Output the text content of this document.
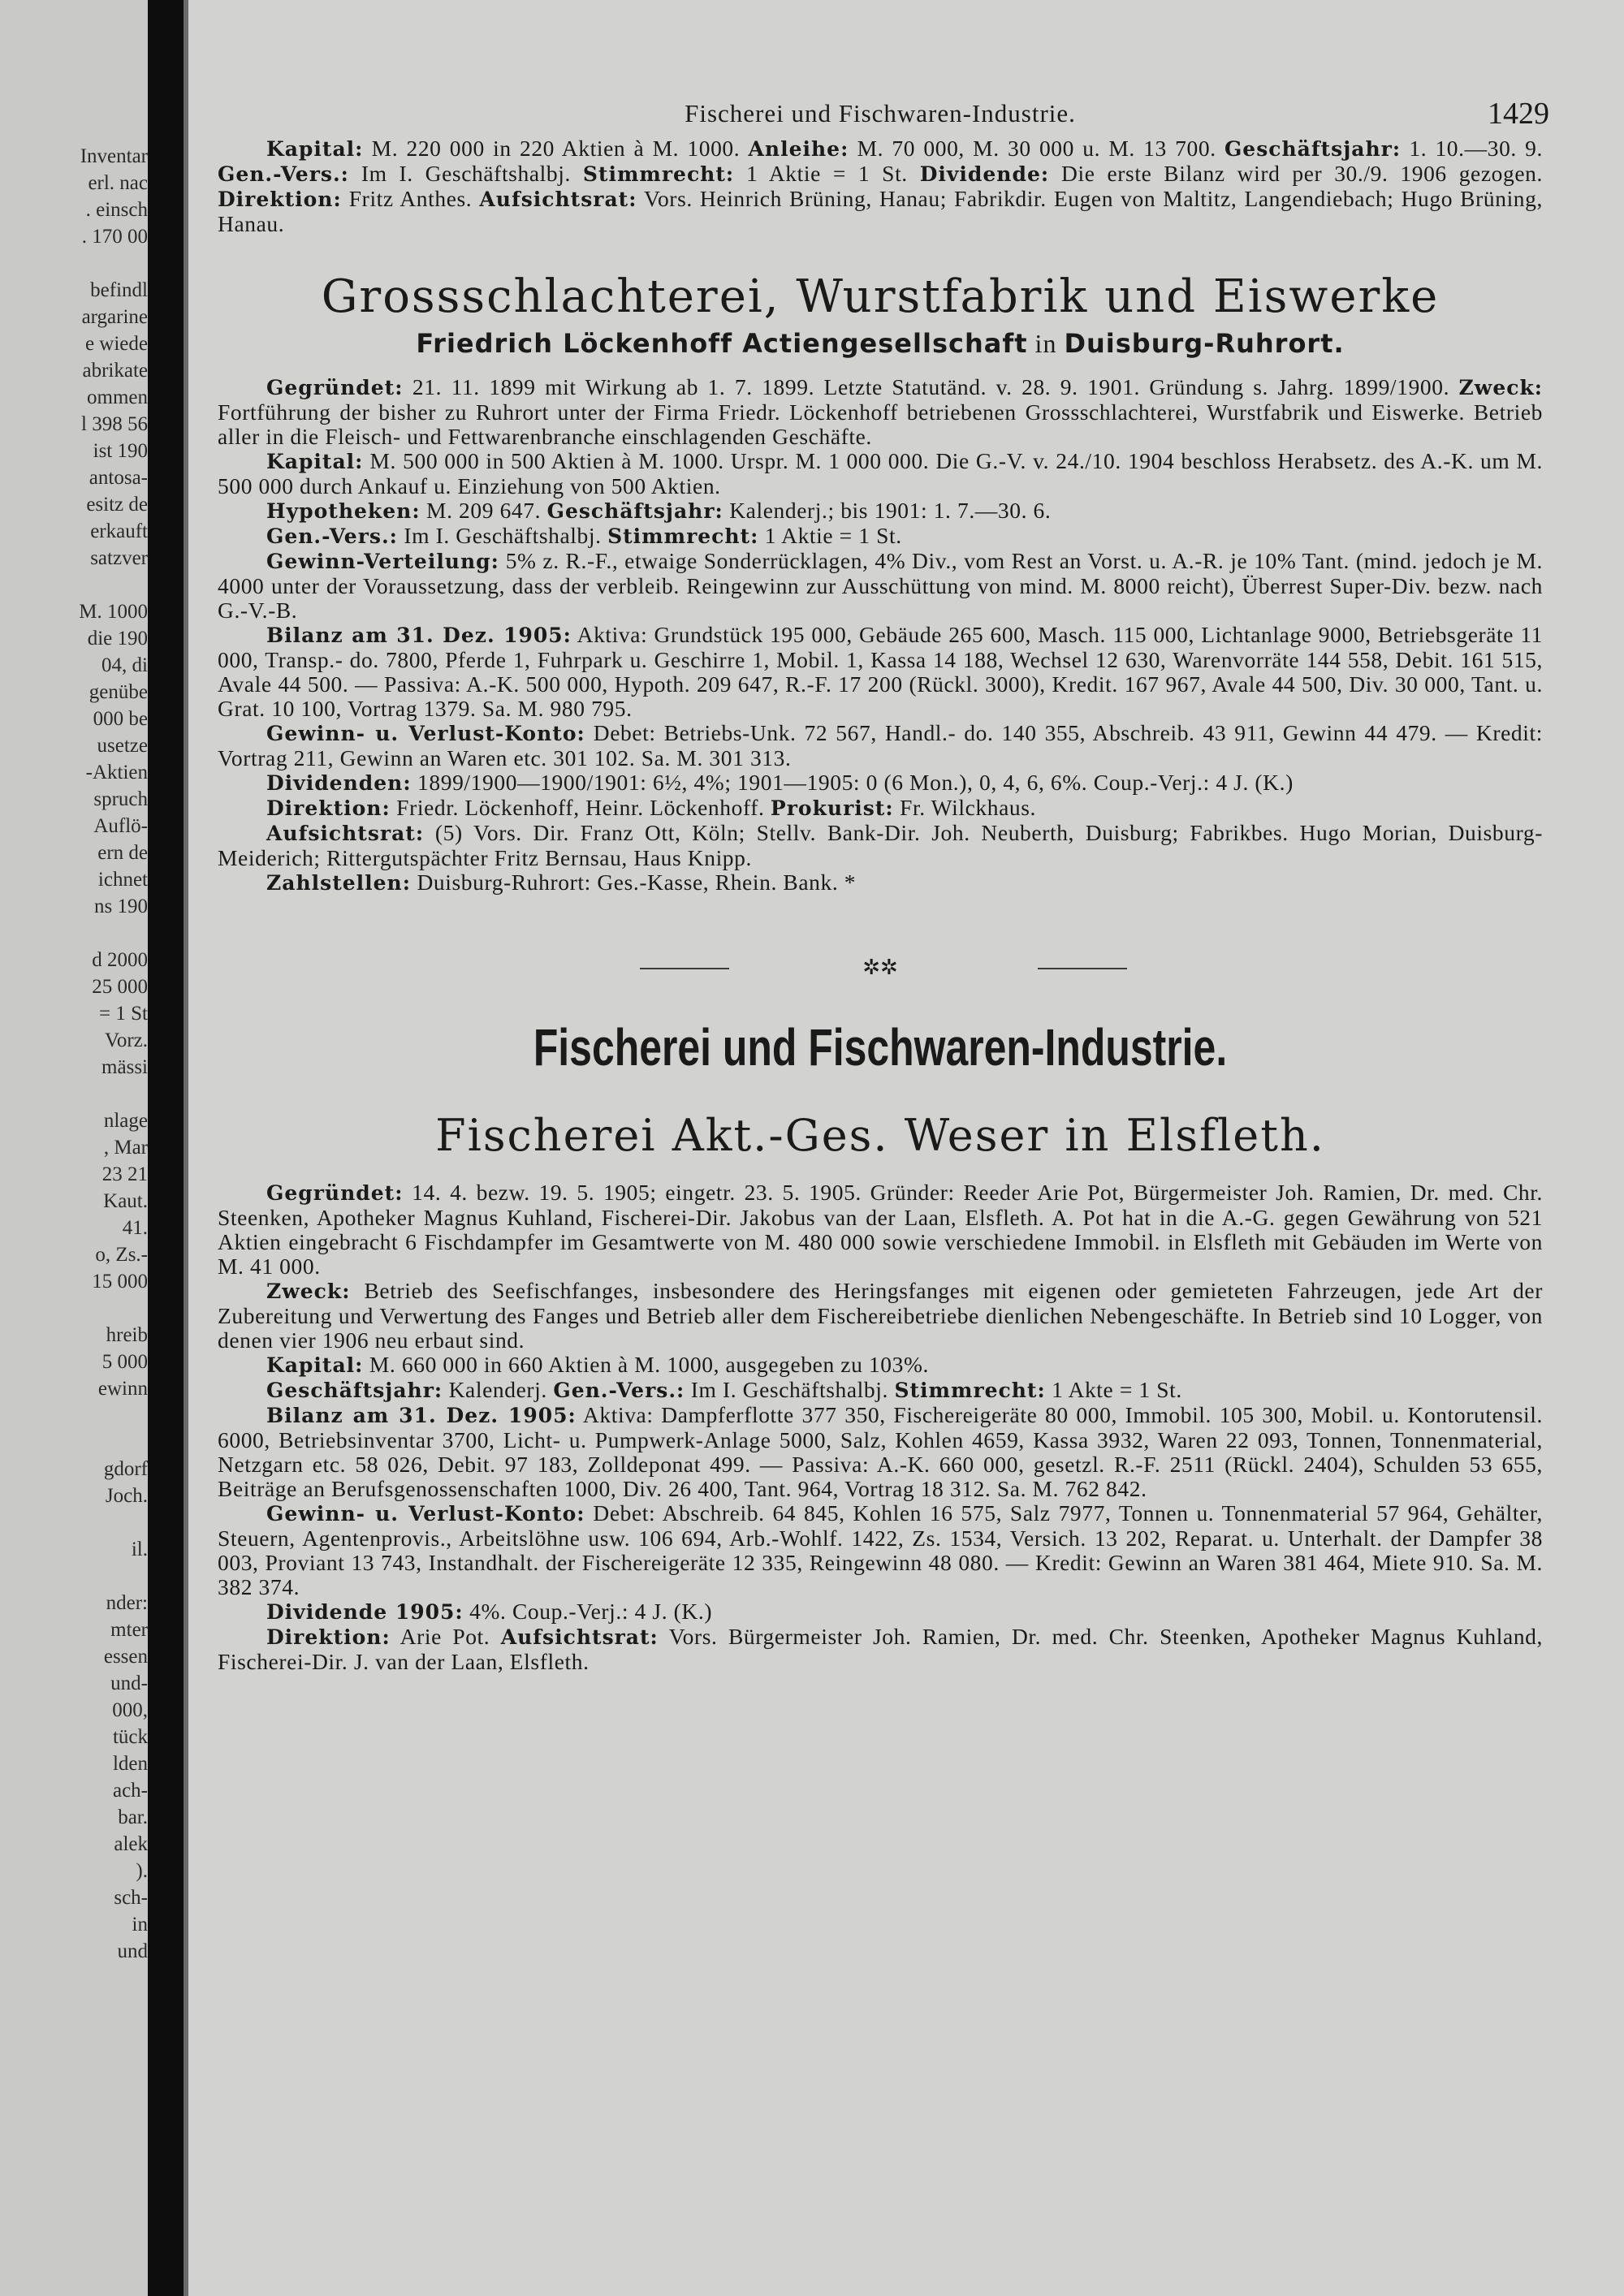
Inventar
erl. nac
. einsch
. 170 00
befindl
argarine
e wiede
abrikate
ommen
l 398 56
ist 190
antosa-
esitz de
erkauft
satzver
M. 1000
die 190
04, di
genübe
000 be
usetze
-Aktien
spruch
Auflö-
ern de
ichnet
ns 190
d 2000
25 000
= 1 St
Vorz.
mässi
nlage
, Mar
23 21
Kaut.
41.
o, Zs.-
15 000
hreib
5 000
ewinn
gdorf
Joch.
il.
nder:
mter
essen
und-
000,
tück
lden
ach-
bar.
alek
).
sch-
in
und
Fischerei und Fischwaren-Industrie.	1429

Kapital: M. 220 000 in 220 Aktien à M. 1000. Anleihe: M. 70 000, M. 30 000 u. M. 13 700. Geschäftsjahr: 1. 10.—30. 9. Gen.-Vers.: Im I. Geschäftshalbj. Stimmrecht: 1 Aktie = 1 St. Dividende: Die erste Bilanz wird per 30./9. 1906 gezogen. Direktion: Fritz Anthes. Aufsichtsrat: Vors. Heinrich Brüning, Hanau; Fabrikdir. Eugen von Maltitz, Langendiebach; Hugo Brüning, Hanau.

Grossschlachterei, Wurstfabrik und Eiswerke
Friedrich Löckenhoff Actiengesellschaft in Duisburg-Ruhrort.

Gegründet: 21. 11. 1899 mit Wirkung ab 1. 7. 1899. Letzte Statutänd. v. 28. 9. 1901. Gründung s. Jahrg. 1899/1900. Zweck: Fortführung der bisher zu Ruhrort unter der Firma Friedr. Löckenhoff betriebenen Grossschlachterei, Wurstfabrik und Eiswerke. Betrieb aller in die Fleisch- und Fettwarenbranche einschlagenden Geschäfte.

Kapital: M. 500 000 in 500 Aktien à M. 1000. Urspr. M. 1 000 000. Die G.-V. v. 24./10. 1904 beschloss Herabsetz. des A.-K. um M. 500 000 durch Ankauf u. Einziehung von 500 Aktien.

Hypotheken: M. 209 647. Geschäftsjahr: Kalenderj.; bis 1901: 1. 7.—30. 6.

Gen.-Vers.: Im I. Geschäftshalbj. Stimmrecht: 1 Aktie = 1 St.

Gewinn-Verteilung: 5% z. R.-F., etwaige Sonderrücklagen, 4% Div., vom Rest an Vorst. u. A.-R. je 10% Tant. (mind. jedoch je M. 4000 unter der Voraussetzung, dass der verbleib. Reingewinn zur Ausschüttung von mind. M. 8000 reicht), Überrest Super-Div. bezw. nach G.-V.-B.

Bilanz am 31. Dez. 1905: Aktiva: Grundstück 195 000, Gebäude 265 600, Masch. 115 000, Lichtanlage 9000, Betriebsgeräte 11 000, Transp.- do. 7800, Pferde 1, Fuhrpark u. Geschirre 1, Mobil. 1, Kassa 14 188, Wechsel 12 630, Warenvorräte 144 558, Debit. 161 515, Avale 44 500. — Passiva: A.-K. 500 000, Hypoth. 209 647, R.-F. 17 200 (Rückl. 3000), Kredit. 167 967, Avale 44 500, Div. 30 000, Tant. u. Grat. 10 100, Vortrag 1379. Sa. M. 980 795.

Gewinn- u. Verlust-Konto: Debet: Betriebs-Unk. 72 567, Handl.- do. 140 355, Abschreib. 43 911, Gewinn 44 479. — Kredit: Vortrag 211, Gewinn an Waren etc. 301 102. Sa. M. 301 313.

Dividenden: 1899/1900—1900/1901: 6½, 4%; 1901—1905: 0 (6 Mon.), 0, 4, 6, 6%. Coup.-Verj.: 4 J. (K.)

Direktion: Friedr. Löckenhoff, Heinr. Löckenhoff. Prokurist: Fr. Wilckhaus.

Aufsichtsrat: (5) Vors. Dir. Franz Ott, Köln; Stellv. Bank-Dir. Joh. Neuberth, Duisburg; Fabrikbes. Hugo Morian, Duisburg-Meiderich; Rittergutspächter Fritz Bernsau, Haus Knipp.

Zahlstellen: Duisburg-Ruhrort: Ges.-Kasse, Rhein. Bank. *

✲✲
Fischerei und Fischwaren-Industrie.
Fischerei Akt.-Ges. Weser in Elsfleth.

Gegründet: 14. 4. bezw. 19. 5. 1905; eingetr. 23. 5. 1905. Gründer: Reeder Arie Pot, Bürgermeister Joh. Ramien, Dr. med. Chr. Steenken, Apotheker Magnus Kuhland, Fischerei-Dir. Jakobus van der Laan, Elsfleth. A. Pot hat in die A.-G. gegen Gewährung von 521 Aktien eingebracht 6 Fischdampfer im Gesamtwerte von M. 480 000 sowie verschiedene Immobil. in Elsfleth mit Gebäuden im Werte von M. 41 000.

Zweck: Betrieb des Seefischfanges, insbesondere des Heringsfanges mit eigenen oder gemieteten Fahrzeugen, jede Art der Zubereitung und Verwertung des Fanges und Betrieb aller dem Fischereibetriebe dienlichen Nebengeschäfte. In Betrieb sind 10 Logger, von denen vier 1906 neu erbaut sind.

Kapital: M. 660 000 in 660 Aktien à M. 1000, ausgegeben zu 103%.

Geschäftsjahr: Kalenderj. Gen.-Vers.: Im I. Geschäftshalbj. Stimmrecht: 1 Akte = 1 St.

Bilanz am 31. Dez. 1905: Aktiva: Dampferflotte 377 350, Fischereigeräte 80 000, Immobil. 105 300, Mobil. u. Kontorutensil. 6000, Betriebsinventar 3700, Licht- u. Pumpwerk-Anlage 5000, Salz, Kohlen 4659, Kassa 3932, Waren 22 093, Tonnen, Tonnenmaterial, Netzgarn etc. 58 026, Debit. 97 183, Zolldeponat 499. — Passiva: A.-K. 660 000, gesetzl. R.-F. 2511 (Rückl. 2404), Schulden 53 655, Beiträge an Berufsgenossenschaften 1000, Div. 26 400, Tant. 964, Vortrag 18 312. Sa. M. 762 842.

Gewinn- u. Verlust-Konto: Debet: Abschreib. 64 845, Kohlen 16 575, Salz 7977, Tonnen u. Tonnenmaterial 57 964, Gehälter, Steuern, Agentenprovis., Arbeitslöhne usw. 106 694, Arb.-Wohlf. 1422, Zs. 1534, Versich. 13 202, Reparat. u. Unterhalt. der Dampfer 38 003, Proviant 13 743, Instandhalt. der Fischereigeräte 12 335, Reingewinn 48 080. — Kredit: Gewinn an Waren 381 464, Miete 910. Sa. M. 382 374.

Dividende 1905: 4%. Coup.-Verj.: 4 J. (K.)

Direktion: Arie Pot. Aufsichtsrat: Vors. Bürgermeister Joh. Ramien, Dr. med. Chr. Steenken, Apotheker Magnus Kuhland, Fischerei-Dir. J. van der Laan, Elsfleth.
